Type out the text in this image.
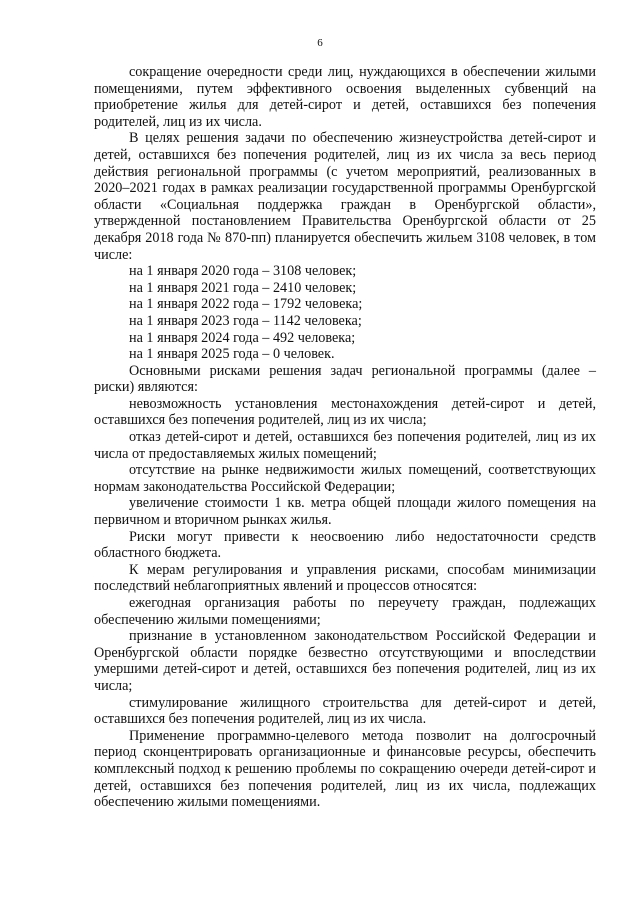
6

сокращение очередности среди лиц, нуждающихся в обеспечении жилыми помещениями, путем эффективного освоения выделенных субвенций на приобретение жилья для детей-сирот и детей, оставшихся без попечения родителей, лиц из их числа.

В целях решения задачи по обеспечению жизнеустройства детей-сирот и детей, оставшихся без попечения родителей, лиц из их числа за весь период действия региональной программы (с учетом мероприятий, реализованных в 2020–2021 годах в рамках реализации государственной программы Оренбургской области «Социальная поддержка граждан в Оренбургской области», утвержденной постановлением Правительства Оренбургской области от 25 декабря 2018 года № 870-пп) планируется обеспечить жильем 3108 человек, в том числе:

на 1 января 2020 года – 3108 человек;

на 1 января 2021 года – 2410 человек;

на 1 января 2022 года – 1792 человека;

на 1 января 2023 года – 1142 человека;

на 1 января 2024 года – 492 человека;

на 1 января 2025 года – 0 человек.

Основными рисками решения задач региональной программы (далее – риски) являются:

невозможность установления местонахождения детей-сирот и детей, оставшихся без попечения родителей, лиц из их числа;

отказ детей-сирот и детей, оставшихся без попечения родителей, лиц из их числа от предоставляемых жилых помещений;

отсутствие на рынке недвижимости жилых помещений, соответствующих нормам законодательства Российской Федерации;

увеличение стоимости 1 кв. метра общей площади жилого помещения на первичном и вторичном рынках жилья.

Риски могут привести к неосвоению либо недостаточности средств областного бюджета.

К мерам регулирования и управления рисками, способам минимизации последствий неблагоприятных явлений и процессов относятся:

ежегодная организация работы по переучету граждан, подлежащих обеспечению жилыми помещениями;

признание в установленном законодательством Российской Федерации и Оренбургской области порядке безвестно отсутствующими и впоследствии умершими детей-сирот и детей, оставшихся без попечения родителей, лиц из их числа;

стимулирование жилищного строительства для детей-сирот и детей, оставшихся без попечения родителей, лиц из их числа.

Применение программно-целевого метода позволит на долгосрочный период сконцентрировать организационные и финансовые ресурсы, обеспечить комплексный подход к решению проблемы по сокращению очереди детей-сирот и детей, оставшихся без попечения родителей, лиц из их числа, подлежащих обеспечению жилыми помещениями.
